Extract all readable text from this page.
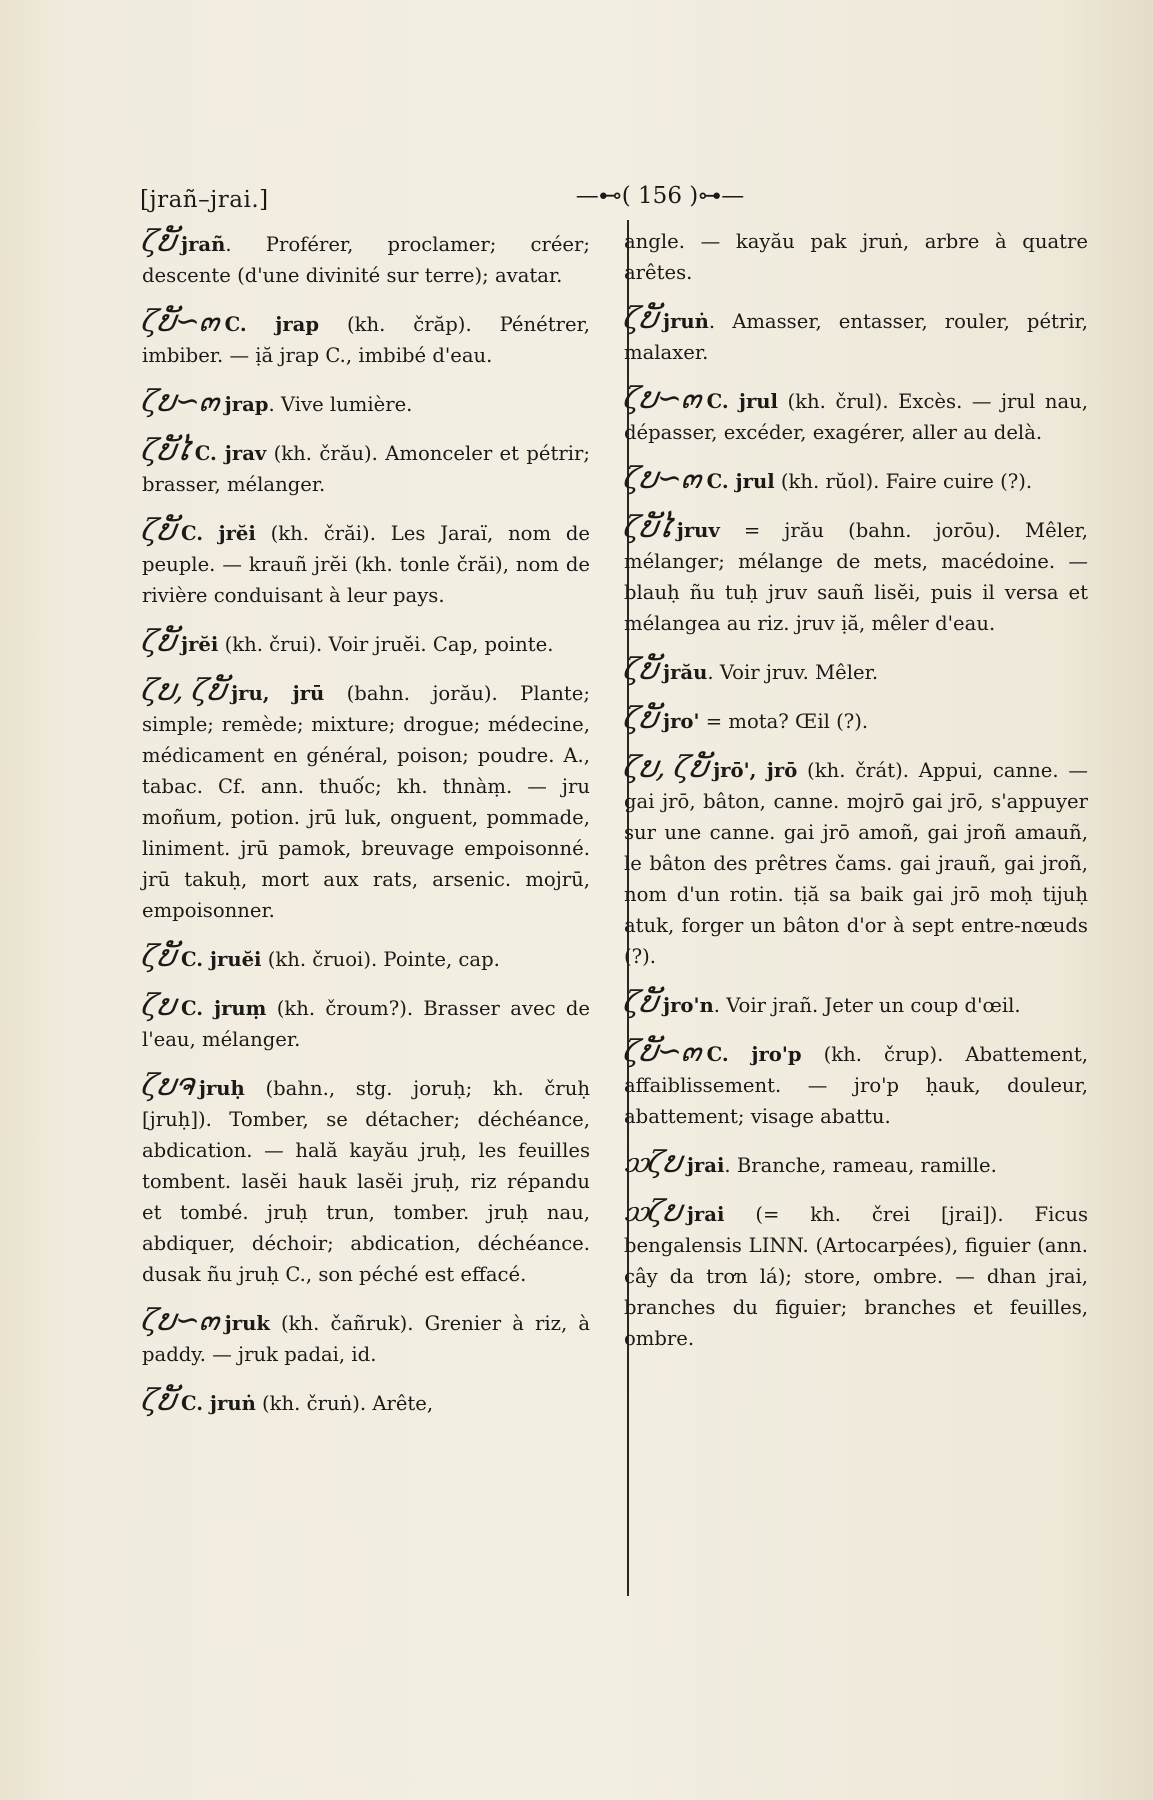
[jrañ–jrai.]	—⊷( 156 )⊶—

ζບັ jrañ. Proférer, proclamer; créer; descente (d'une divinité sur terre); avatar.

ζບັ∽๓ C. jrap (kh. črăp). Pénétrer, imbiber. — ịă jrap C., imbibé d'eau.

ζບ∽๓ jrap. Vive lumière.

ζບັໄ C. jrav (kh. črău). Amonceler et pétrir; brasser, mélanger.

ζບັ C. jrĕi (kh. črăi). Les Jaraï, nom de peuple. — krauñ jrĕi (kh. tonle črăi), nom de rivière conduisant à leur pays.

ζບັ jrĕi (kh. črui). Voir jruĕi. Cap, pointe.

ζບ, ζບັ jru, jrū (bahn. jorău). Plante; simple; remède; mixture; drogue; médecine, médicament en général, poison; poudre. A., tabac. Cf. ann. thuốc; kh. thnàṃ. — jru moñum, potion. jrū luk, onguent, pommade, liniment. jrū pamok, breuvage empoisonné. jrū takuḥ, mort aux rats, arsenic. mojrū, empoisonner.

ζບັ C. jruĕi (kh. čruoi). Pointe, cap.

ζບ C. jruṃ (kh. čroum?). Brasser avec de l'eau, mélanger.

ζບຈ jruḥ (bahn., stg. joruḥ; kh. čruḥ [jruḥ]). Tomber, se détacher; déchéance, abdication. — hală kayău jruḥ, les feuilles tombent. lasĕi hauk lasĕi jruḥ, riz répandu et tombé. jruḥ trun, tomber. jruḥ nau, abdiquer, déchoir; abdication, déchéance. dusak ñu jruḥ C., son péché est effacé.

ζບ∽๓ jruk (kh. čañruk). Grenier à riz, à paddy. — jruk padai, id.

ζບັ C. jruṅ (kh. čruṅ). Arête,

angle. — kayău pak jruṅ, arbre à quatre arêtes.

ζບັ jruṅ. Amasser, entasser, rouler, pétrir, malaxer.

ζບ∽๓ C. jrul (kh. črul). Excès. — jrul nau, dépasser, excéder, exagérer, aller au delà.

ζບ∽๓ C. jrul (kh. rŭol). Faire cuire (?).

ζບັໄ jruv = jrău (bahn. jorōu). Mêler, mélanger; mélange de mets, macédoine. — blauḥ ñu tuḥ jruv sauñ lisĕi, puis il versa et mélangea au riz. jruv ịă, mêler d'eau.

ζບັ jrău. Voir jruv. Mêler.

ζບັ jro' = mota? Œil (?).

ζບ, ζບັ jrō', jrō (kh. črát). Appui, canne. — gai jrō, bâton, canne. mojrō gai jrō, s'appuyer sur une canne. gai jrō amoñ, gai jroñ amauñ, le bâton des prêtres čams. gai jrauñ, gai jroñ, nom d'un rotin. tịă sa baik gai jrō moḥ tijuḥ atuk, forger un bâton d'or à sept entre-nœuds (?).

ζບັ jro'n. Voir jrañ. Jeter un coup d'œil.

ζບັ∽๓ C. jro'p (kh. črup). Abattement, affaiblissement. — jro'p ḥauk, douleur, abattement; visage abattu.

ᦉζບ jrai. Branche, rameau, ramille.

ᦉζບ jrai (= kh. črei [jrai]). Ficus bengalensis LINN. (Artocarpées), figuier (ann. cây da trơn lá); store, ombre. — dhan jrai, branches du figuier; branches et feuilles, ombre.
